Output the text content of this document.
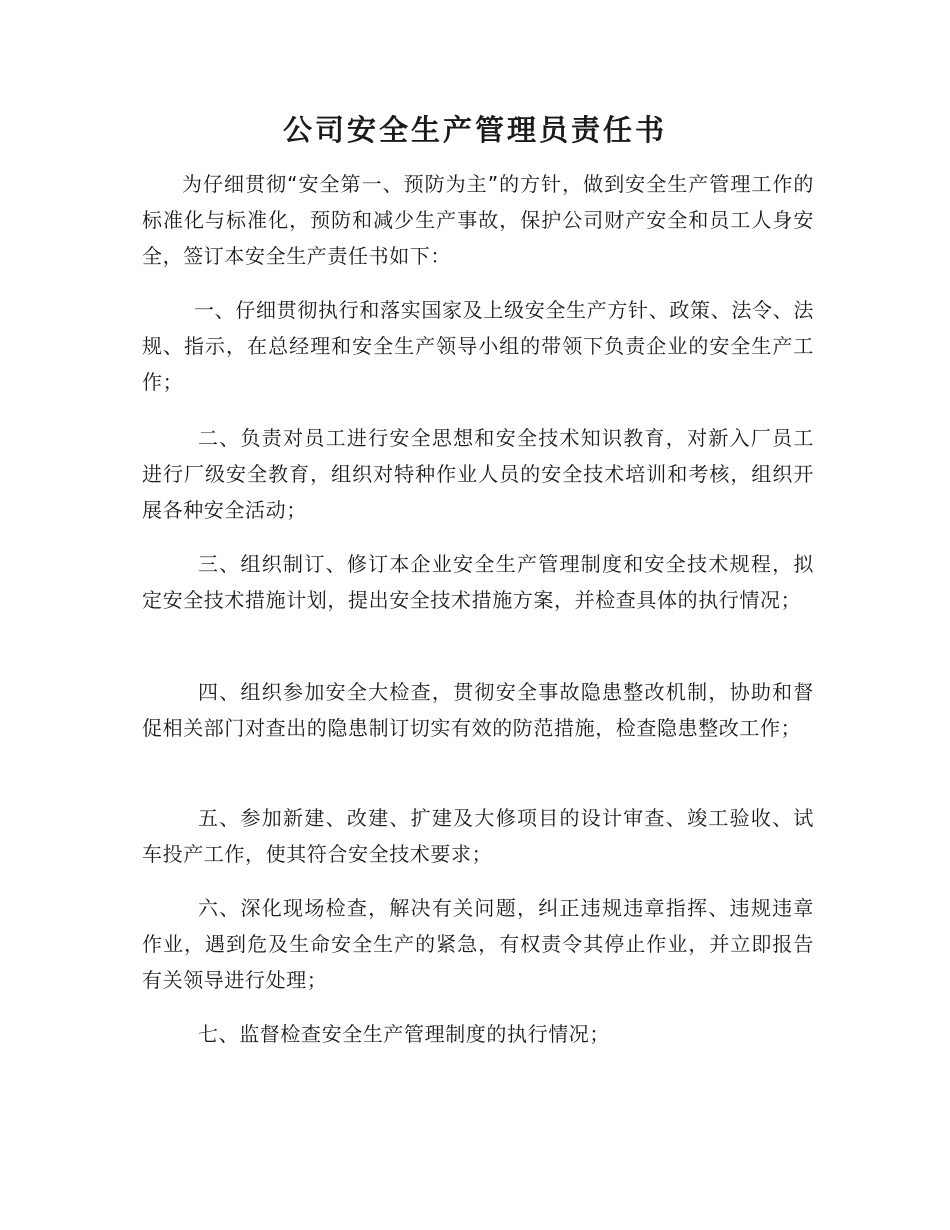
公司安全生产管理员责任书

为仔细贯彻“安全第一、预防为主”的方针，做到安全生产管理工作的标准化与标准化，预防和减少生产事故，保护公司财产安全和员工人身安全，签订本安全生产责任书如下：

一、仔细贯彻执行和落实国家及上级安全生产方针、政策、法令、法规、指示，在总经理和安全生产领导小组的带领下负责企业的安全生产工作；

二、负责对员工进行安全思想和安全技术知识教育，对新入厂员工进行厂级安全教育，组织对特种作业人员的安全技术培训和考核，组织开展各种安全活动；

三、组织制订、修订本企业安全生产管理制度和安全技术规程，拟定安全技术措施计划，提出安全技术措施方案，并检查具体的执行情况；

四、组织参加安全大检查，贯彻安全事故隐患整改机制，协助和督促相关部门对查出的隐患制订切实有效的防范措施，检查隐患整改工作；

五、参加新建、改建、扩建及大修项目的设计审查、竣工验收、试车投产工作，使其符合安全技术要求；

六、深化现场检查，解决有关问题，纠正违规违章指挥、违规违章作业，遇到危及生命安全生产的紧急，有权责令其停止作业，并立即报告有关领导进行处理；

七、监督检查安全生产管理制度的执行情况；
